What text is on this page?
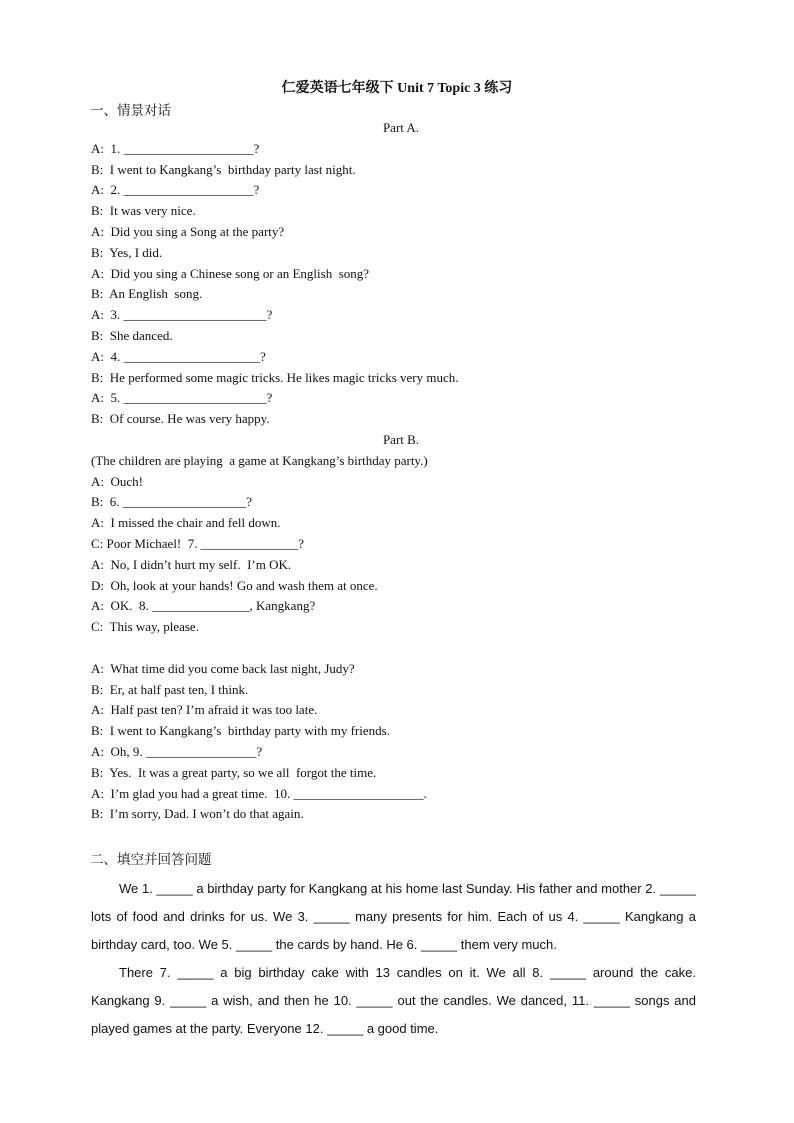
仁爱英语七年级下 Unit 7 Topic 3 练习
一、情景对话
Part A.
A:  1. ____________________?
B:  I went to Kangkang’s  birthday party last night.
A:  2. ____________________?
B:  It was very nice.
A:  Did you sing a Song at the party?
B:  Yes, I did.
A:  Did you sing a Chinese song or an English  song?
B:  An English  song.
A:  3. ______________________?
B:  She danced.
A:  4. _____________________?
B:  He performed some magic tricks. He likes magic tricks very much.
A:  5. ______________________?
B:  Of course. He was very happy.
Part B.
(The children are playing  a game at Kangkang’s birthday party.)
A:  Ouch!
B:  6. ___________________?
A:  I missed the chair and fell down.
C: Poor Michael!  7. _______________?
A:  No, I didn’t hurt my self.  I’m OK.
D:  Oh, look at your hands! Go and wash them at once.
A:  OK.  8. _______________, Kangkang?
C:  This way, please.
A:  What time did you come back last night, Judy?
B:  Er, at half past ten, I think.
A:  Half past ten? I’m afraid it was too late.
B:  I went to Kangkang’s  birthday party with my friends.
A:  Oh, 9. _________________?
B:  Yes.  It was a great party, so we all  forgot the time.
A:  I’m glad you had a great time.  10. ____________________.
B:  I’m sorry, Dad. I won’t do that again.
二、填空并回答问题

We 1. _____ a birthday party for Kangkang at his home last Sunday. His father and mother 2. _____ lots of food and drinks for us. We 3. _____ many presents for him. Each of us 4. _____ Kangkang a birthday card, too. We 5. _____ the cards by hand. He 6. _____ them very much.

There 7. _____ a big birthday cake with 13 candles on it. We all 8. _____ around the cake. Kangkang 9. _____ a wish, and then he 10. _____ out the candles. We danced, 11. _____ songs and played games at the party. Everyone 12. _____ a good time.
